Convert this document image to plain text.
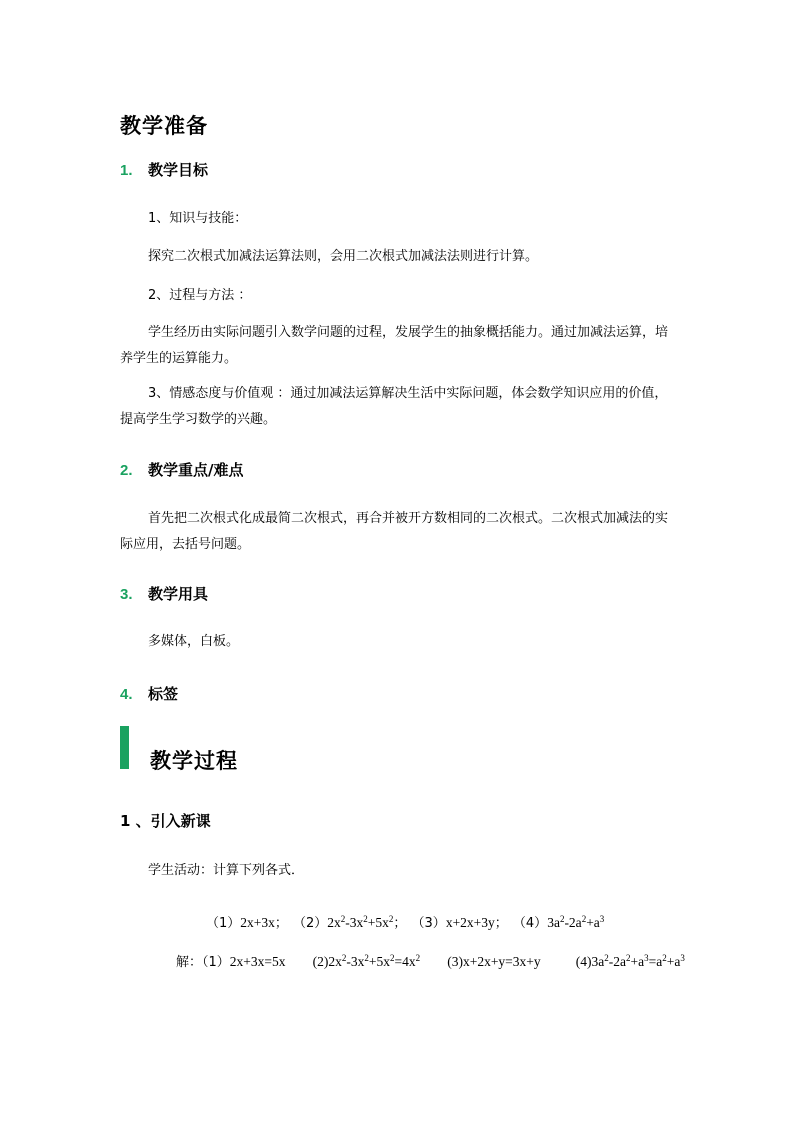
教学准备
1. 教学目标
1、知识与技能：
探究二次根式加减法运算法则，会用二次根式加减法法则进行计算。
2、过程与方法 ：
学生经历由实际问题引入数学问题的过程，发展学生的抽象概括能力。通过加减法运算，培养学生的运算能力。
3、情感态度与价值观 ：通过加减法运算解决生活中实际问题，体会数学知识应用的价值，提高学生学习数学的兴趣。
2. 教学重点/难点
首先把二次根式化成最简二次根式，再合并被开方数相同的二次根式。二次根式加减法的实际应用，去括号问题。
3. 教学用具
多媒体，白板。
4. 标签
教学过程
1 、引入新课
学生活动：计算下列各式．
（1）2x+3x； $(2)2x^2-3x^2+5x^2$； （3）x+2x+3y； $(4)3a^2-2a^2+a^3$
解：（1）2x+3x=5x $(2)2x^2-3x^2+5x^2=4x^2$ (3)x+2x+y=3x+y	$(4)3a^2-2a^2+a^3=a^2+a^3$
